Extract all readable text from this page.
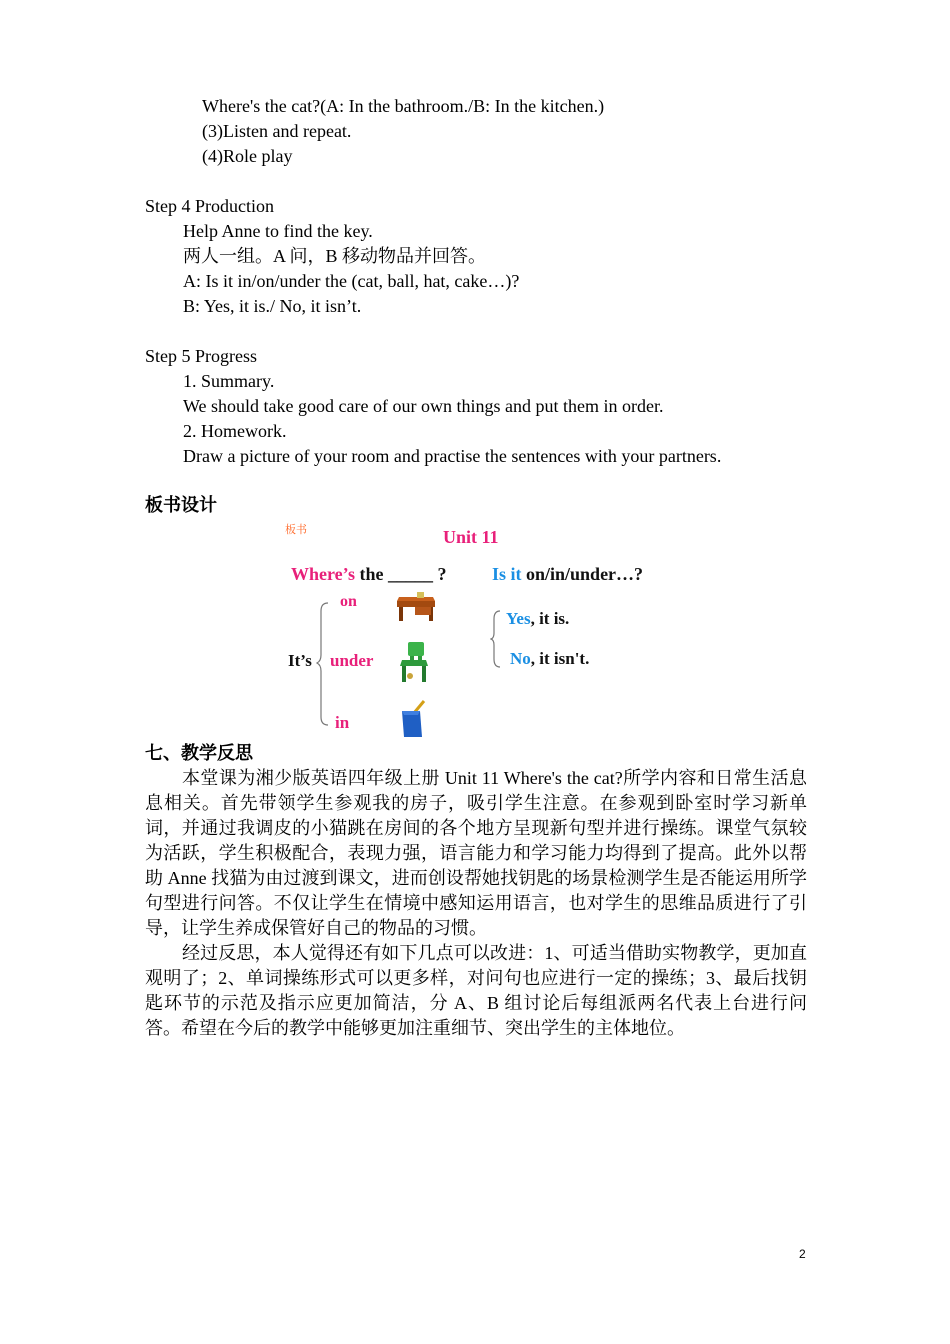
Where's the cat?(A: In the bathroom./B: In the kitchen.)
(3)Listen and repeat.
(4)Role play
Step 4 Production
Help Anne to find the key.
两人一组。A 问，B 移动物品并回答。
A: Is it in/on/under the (cat, ball, hat, cake…)?
B: Yes, it is./ No, it isn’t.
Step 5 Progress
1. Summary.
We should take good care of our own things and put them in order.
2. Homework.
Draw a picture of your room and practise the sentences with your partners.
板书设计
板书	Unit 11
Where’s the _____ ?	Is it on/in/under…?
It’s
on
under
in
Yes, it is.
No, it isn't.
七、教学反思

本堂课为湘少版英语四年级上册 Unit 11 Where's the cat?所学内容和日常生活息息相关。首先带领学生参观我的房子，吸引学生注意。在参观到卧室时学习新单词，并通过我调皮的小猫跳在房间的各个地方呈现新句型并进行操练。课堂气氛较为活跃，学生积极配合，表现力强，语言能力和学习能力均得到了提高。此外以帮助 Anne 找猫为由过渡到课文，进而创设帮她找钥匙的场景检测学生是否能运用所学句型进行问答。不仅让学生在情境中感知运用语言，也对学生的思维品质进行了引导，让学生养成保管好自己的物品的习惯。

经过反思，本人觉得还有如下几点可以改进：1、可适当借助实物教学，更加直观明了；2、单词操练形式可以更多样，对问句也应进行一定的操练；3、最后找钥匙环节的示范及指示应更加简洁，分 A、B 组讨论后每组派两名代表上台进行问答。希望在今后的教学中能够更加注重细节、突出学生的主体地位。

2
